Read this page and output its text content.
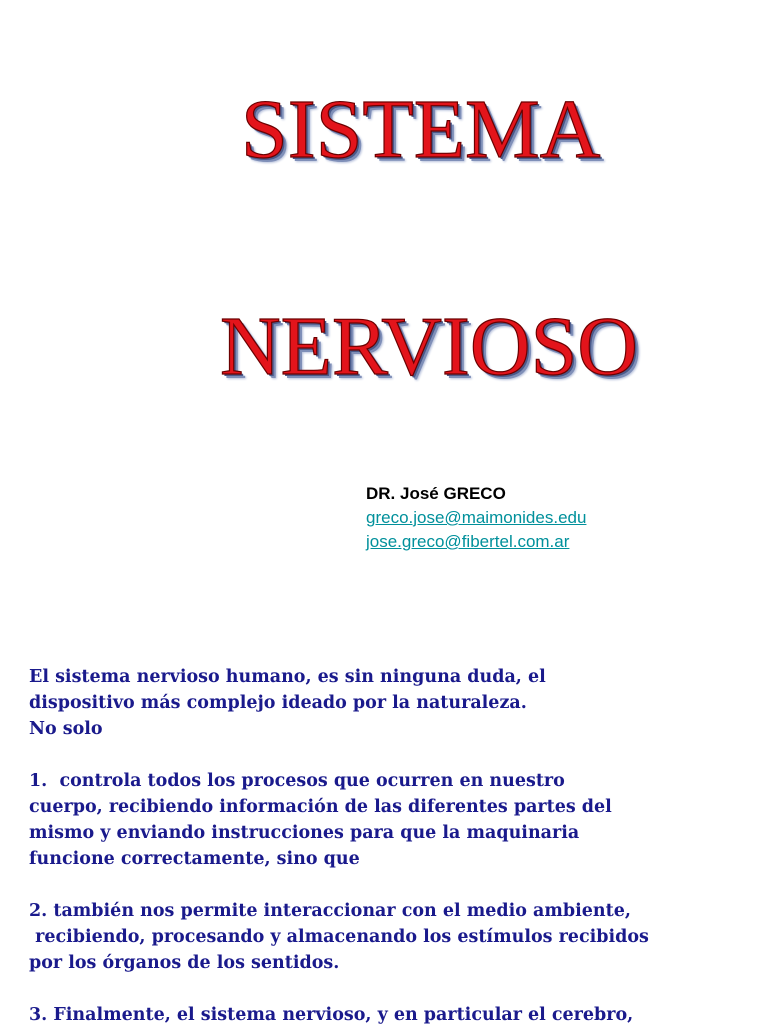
SISTEMA
NERVIOSO
DR. José GRECO
greco.jose@maimonides.edu
jose.greco@fibertel.com.ar
El sistema nervioso humano, es sin ninguna duda, el
dispositivo más complejo ideado por la naturaleza.
No solo
1.  controla todos los procesos que ocurren en nuestro
cuerpo, recibiendo información de las diferentes partes del
mismo y enviando instrucciones para que la maquinaria
funcione correctamente, sino que
2. también nos permite interaccionar con el medio ambiente,
recibiendo, procesando y almacenando los estímulos recibidos
por los órganos de los sentidos.
3. Finalmente, el sistema nervioso, y en particular el cerebro,
